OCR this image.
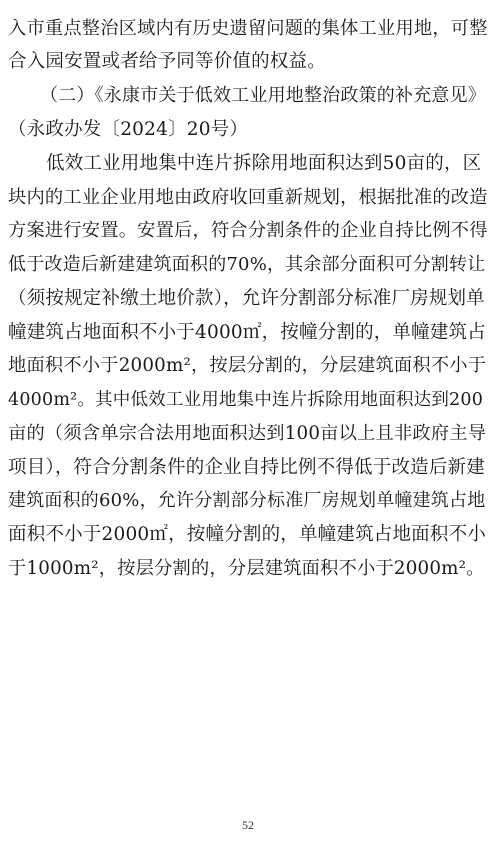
入市重点整治区域内有历史遗留问题的集体工业用地，可整
合入园安置或者给予同等价值的权益。
（二）《永康市关于低效工业用地整治政策的补充意见》
（永政办发〔2024〕20号）
低效工业用地集中连片拆除用地面积达到50亩的，区
块内的工业企业用地由政府收回重新规划，根据批准的改造
方案进行安置。安置后，符合分割条件的企业自持比例不得
低于改造后新建建筑面积的70%，其余部分面积可分割转让
（须按规定补缴土地价款），允许分割部分标准厂房规划单
幢建筑占地面积不小于4000㎡，按幢分割的，单幢建筑占
地面积不小于2000m²，按层分割的，分层建筑面积不小于
4000m²。其中低效工业用地集中连片拆除用地面积达到200
亩的（须含单宗合法用地面积达到100亩以上且非政府主导
项目），符合分割条件的企业自持比例不得低于改造后新建
建筑面积的60%，允许分割部分标准厂房规划单幢建筑占地
面积不小于2000㎡，按幢分割的，单幢建筑占地面积不小
于1000m²，按层分割的，分层建筑面积不小于2000m²。
52
